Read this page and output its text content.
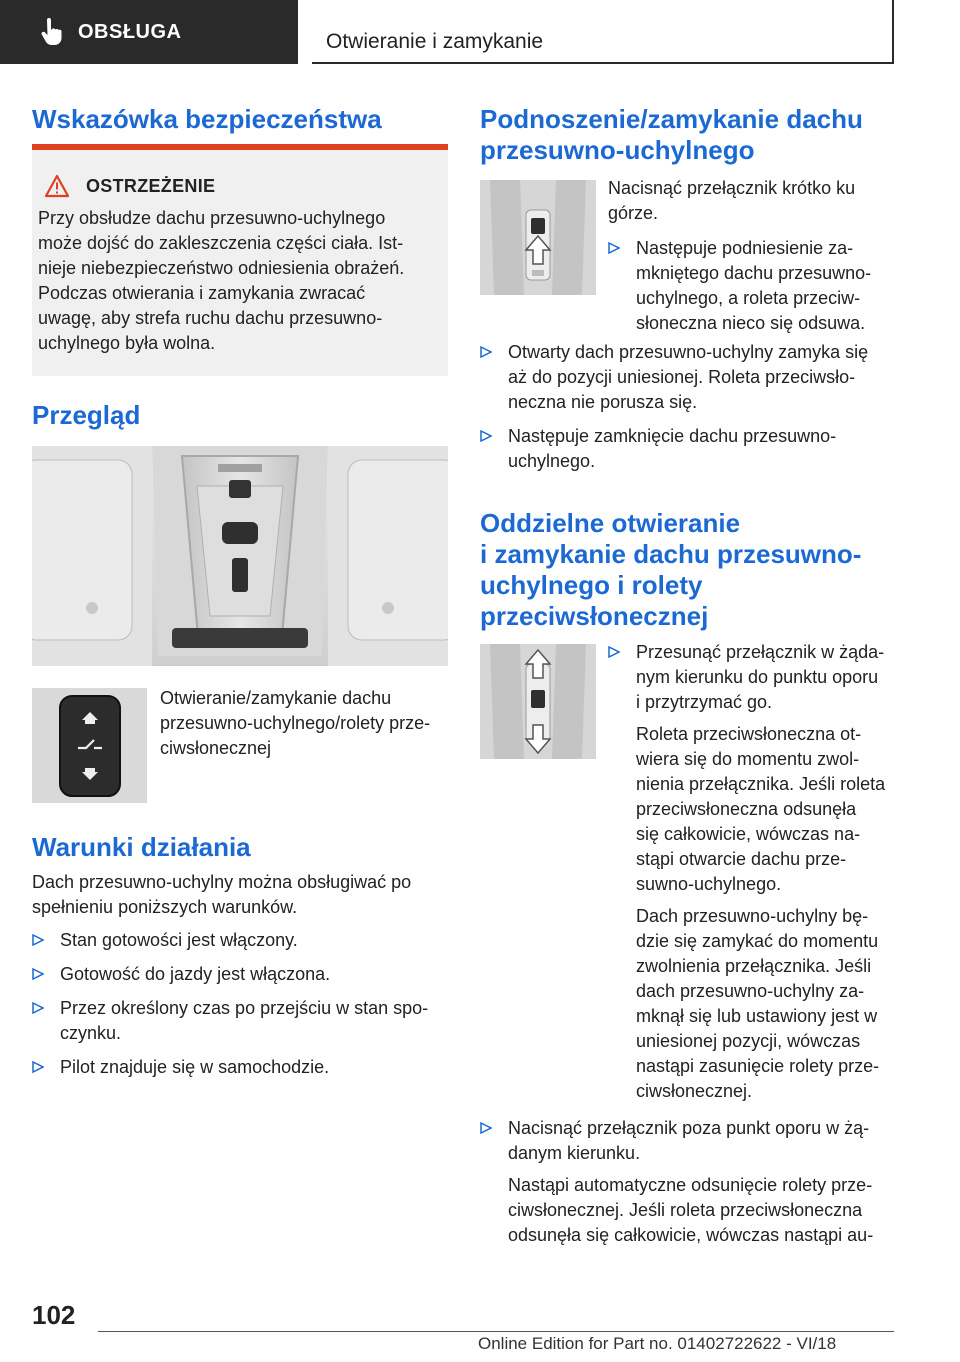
OBSŁUGA	Otwieranie i zamykanie
Wskazówka bezpieczeństwa
OSTRZEŻENIE
Przy obsłudze dachu przesuwno-uchylnego
może dojść do zakleszczenia części ciała. Ist-
nieje niebezpieczeństwo odniesienia obrażeń.
Podczas otwierania i zamykania zwracać
uwagę, aby strefa ruchu dachu przesuwno-
uchylnego była wolna.
Przegląd
Otwieranie/zamykanie dachu
przesuwno-uchylnego/rolety prze-
ciwsłonecznej
Warunki działania
Dach przesuwno-uchylny można obsługiwać po
spełnieniu poniższych warunków.
Stan gotowości jest włączony.
Gotowość do jazdy jest włączona.
Przez określony czas po przejściu w stan spo-
czynku.
Pilot znajduje się w samochodzie.
Podnoszenie/zamykanie dachu
przesuwno-uchylnego
Nacisnąć przełącznik krótko ku
górze.
Następuje podniesienie za-
mkniętego dachu przesuwno-
uchylnego, a roleta przeciw-
słoneczna nieco się odsuwa.
Otwarty dach przesuwno-uchylny zamyka się
aż do pozycji uniesionej. Roleta przeciwsło-
neczna nie porusza się.
Następuje zamknięcie dachu przesuwno-
uchylnego.
Oddzielne otwieranie
i zamykanie dachu przesuwno-
uchylnego i rolety
przeciwsłonecznej
Przesunąć przełącznik w żąda-
nym kierunku do punktu oporu
i przytrzymać go.
Roleta przeciwsłoneczna ot-
wiera się do momentu zwol-
nienia przełącznika. Jeśli roleta
przeciwsłoneczna odsunęła
się całkowicie, wówczas na-
stąpi otwarcie dachu prze-
suwno-uchylnego.
Dach przesuwno-uchylny bę-
dzie się zamykać do momentu
zwolnienia przełącznika. Jeśli
dach przesuwno-uchylny za-
mknął się lub ustawiony jest w
uniesionej pozycji, wówczas
nastąpi zasunięcie rolety prze-
ciwsłonecznej.
Nacisnąć przełącznik poza punkt oporu w żą-
danym kierunku.
Nastąpi automatyczne odsunięcie rolety prze-
ciwsłonecznej. Jeśli roleta przeciwsłoneczna
odsunęła się całkowicie, wówczas nastąpi au-
102
Online Edition for Part no. 01402722622 - VI/18
